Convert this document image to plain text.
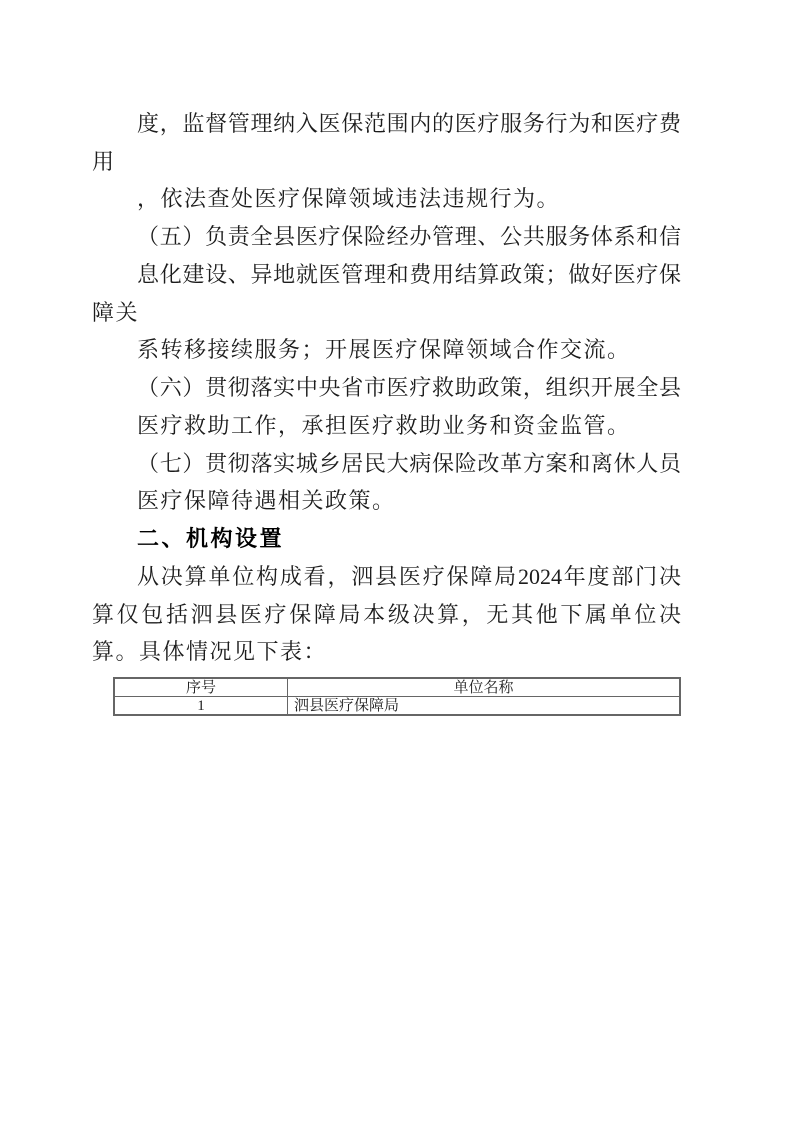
度，监督管理纳入医保范围内的医疗服务行为和医疗费
用
，依法查处医疗保障领域违法违规行为。
（五）负责全县医疗保险经办管理、公共服务体系和信
息化建设、异地就医管理和费用结算政策；做好医疗保
障关
系转移接续服务；开展医疗保障领域合作交流。
（六）贯彻落实中央省市医疗救助政策，组织开展全县
医疗救助工作，承担医疗救助业务和资金监管。
（七）贯彻落实城乡居民大病保险改革方案和离休人员
医疗保障待遇相关政策。
二、机构设置
从决算单位构成看，泗县医疗保障局2024年度部门决
算仅包括泗县医疗保障局本级决算，无其他下属单位决
算。具体情况见下表：
序号	单位名称
1	泗县医疗保障局
